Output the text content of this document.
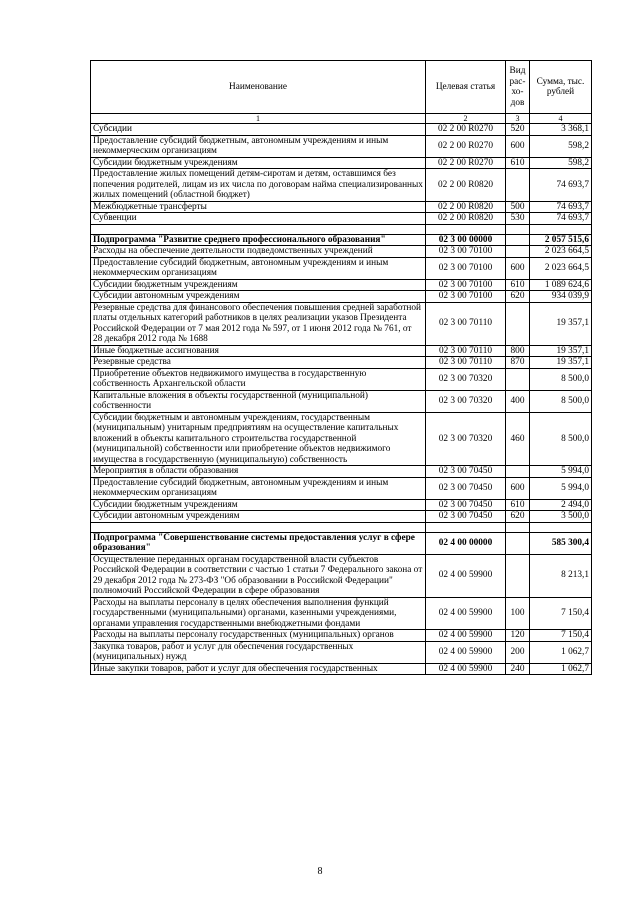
Наименование	Целевая статья	Вид рас- хо- дов	Сумма, тыс. рублей
1	2	3	4
Субсидии	02 2 00 R0270	520	3 368,1
Предоставление субсидий бюджетным, автономным учреждениям и иным некоммерческим организациям	02 2 00 R0270	600	598,2
Субсидии бюджетным учреждениям	02 2 00 R0270	610	598,2
Предоставление жилых помещений детям-сиротам и детям, оставшимся без попечения родителей, лицам из их числа по договорам найма специализированных жилых помещений (областной бюджет)	02 2 00 R0820		74 693,7
Межбюджетные трансферты	02 2 00 R0820	500	74 693,7
Субвенции	02 2 00 R0820	530	74 693,7

Подпрограмма "Развитие среднего профессионального образования"	02 3 00 00000		2 057 515,6
Расходы на обеспечение деятельности подведомственных учреждений	02 3 00 70100		2 023 664,5
Предоставление субсидий бюджетным, автономным учреждениям и иным некоммерческим организациям	02 3 00 70100	600	2 023 664,5
Субсидии бюджетным учреждениям	02 3 00 70100	610	1 089 624,6
Субсидии автономным учреждениям	02 3 00 70100	620	934 039,9
Резервные средства для финансового обеспечения повышения средней заработной платы отдельных категорий работников в целях реализации указов Президента Российской Федерации от 7 мая 2012 года № 597, от 1 июня 2012 года № 761, от 28 декабря 2012 года № 1688	02 3 00 70110		19 357,1
Иные бюджетные ассигнования	02 3 00 70110	800	19 357,1
Резервные средства	02 3 00 70110	870	19 357,1
Приобретение объектов недвижимого имущества в государственную собственность Архангельской области	02 3 00 70320		8 500,0
Капитальные вложения в объекты государственной (муниципальной) собственности	02 3 00 70320	400	8 500,0
Субсидии бюджетным и автономным учреждениям, государственным (муниципальным) унитарным предприятиям на осуществление капитальных вложений в объекты капитального строительства государственной (муниципальной) собственности или приобретение объектов недвижимого имущества в государственную (муниципальную) собственность	02 3 00 70320	460	8 500,0
Мероприятия в области образования	02 3 00 70450		5 994,0
Предоставление субсидий бюджетным, автономным учреждениям и иным некоммерческим организациям	02 3 00 70450	600	5 994,0
Субсидии бюджетным учреждениям	02 3 00 70450	610	2 494,0
Субсидии автономным учреждениям	02 3 00 70450	620	3 500,0

Подпрограмма "Совершенствование системы предоставления услуг в сфере образования"	02 4 00 00000		585 300,4
Осуществление переданных органам государственной власти субъектов Российской Федерации в соответствии с частью 1 статьи 7 Федерального закона от 29 декабря 2012 года № 273-ФЗ "Об образовании в Российской Федерации" полномочий Российской Федерации в сфере образования	02 4 00 59900		8 213,1
Расходы на выплаты персоналу в целях обеспечения выполнения функций государственными (муниципальными) органами, казенными учреждениями, органами управления государственными внебюджетными фондами	02 4 00 59900	100	7 150,4
Расходы на выплаты персоналу государственных (муниципальных) органов	02 4 00 59900	120	7 150,4
Закупка товаров, работ и услуг для обеспечения государственных (муниципальных) нужд	02 4 00 59900	200	1 062,7
Иные закупки товаров, работ и услуг для обеспечения государственных	02 4 00 59900	240	1 062,7
8
